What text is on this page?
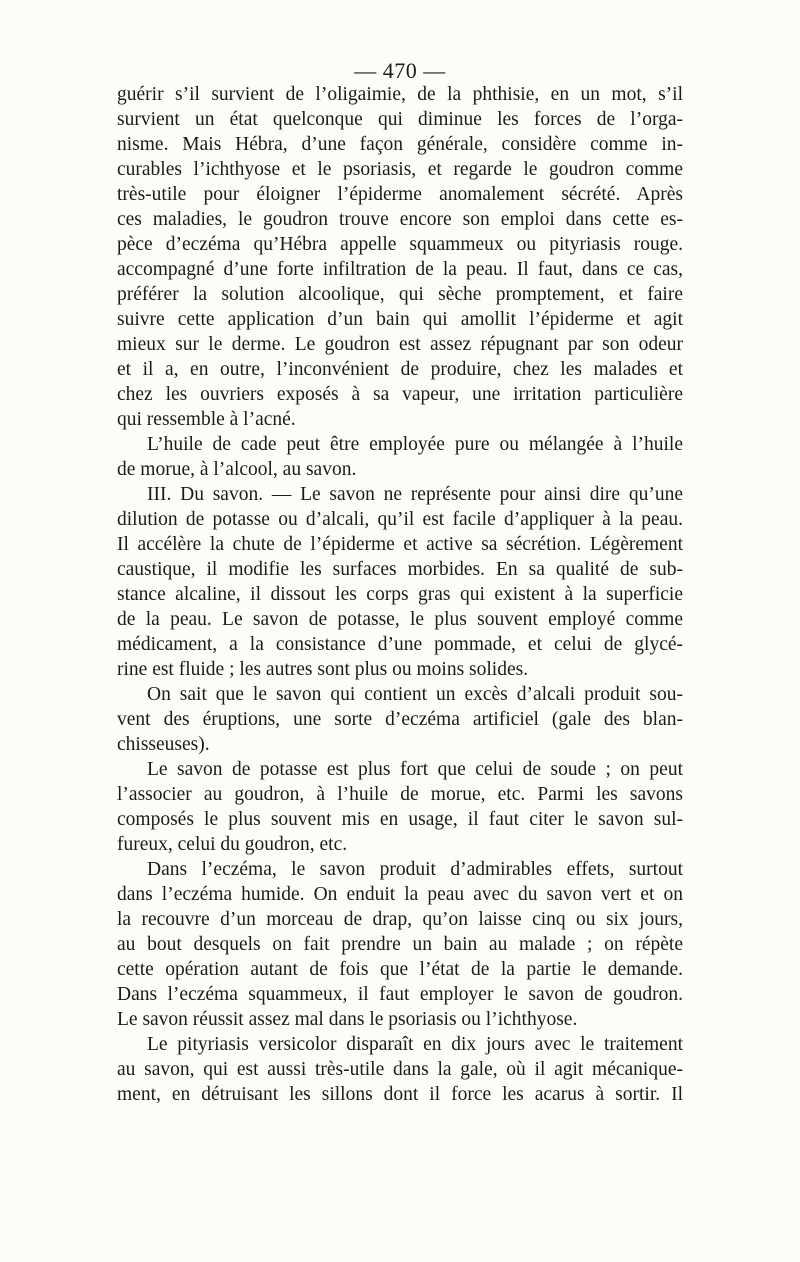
— 470 —
guérir s’il survient de l’oligaimie, de la phthisie, en un mot, s’il
survient un état quelconque qui diminue les forces de l’orga-
nisme. Mais Hébra, d’une façon générale, considère comme in-
curables l’ichthyose et le psoriasis, et regarde le goudron comme
très-utile pour éloigner l’épiderme anomalement sécrété. Après
ces maladies, le goudron trouve encore son emploi dans cette es-
pèce d’eczéma qu’Hébra appelle squammeux ou pityriasis rouge.
accompagné d’une forte infiltration de la peau. Il faut, dans ce cas,
préférer la solution alcoolique, qui sèche promptement, et faire
suivre cette application d’un bain qui amollit l’épiderme et agit
mieux sur le derme. Le goudron est assez répugnant par son odeur
et il a, en outre, l’inconvénient de produire, chez les malades et
chez les ouvriers exposés à sa vapeur, une irritation particulière
qui ressemble à l’acné.
L’huile de cade peut être employée pure ou mélangée à l’huile
de morue, à l’alcool, au savon.
III. Du savon. — Le savon ne représente pour ainsi dire qu’une
dilution de potasse ou d’alcali, qu’il est facile d’appliquer à la peau.
Il accélère la chute de l’épiderme et active sa sécrétion. Légèrement
caustique, il modifie les surfaces morbides. En sa qualité de sub-
stance alcaline, il dissout les corps gras qui existent à la superficie
de la peau. Le savon de potasse, le plus souvent employé comme
médicament, a la consistance d’une pommade, et celui de glycé-
rine est fluide ; les autres sont plus ou moins solides.
On sait que le savon qui contient un excès d’alcali produit sou-
vent des éruptions, une sorte d’eczéma artificiel (gale des blan-
chisseuses).
Le savon de potasse est plus fort que celui de soude ; on peut
l’associer au goudron, à l’huile de morue, etc. Parmi les savons
composés le plus souvent mis en usage, il faut citer le savon sul-
fureux, celui du goudron, etc.
Dans l’eczéma, le savon produit d’admirables effets, surtout
dans l’eczéma humide. On enduit la peau avec du savon vert et on
la recouvre d’un morceau de drap, qu’on laisse cinq ou six jours,
au bout desquels on fait prendre un bain au malade ; on répète
cette opération autant de fois que l’état de la partie le demande.
Dans l’eczéma squammeux, il faut employer le savon de goudron.
Le savon réussit assez mal dans le psoriasis ou l’ichthyose.
Le pityriasis versicolor disparaît en dix jours avec le traitement
au savon, qui est aussi très-utile dans la gale, où il agit mécanique-
ment, en détruisant les sillons dont il force les acarus à sortir. Il
